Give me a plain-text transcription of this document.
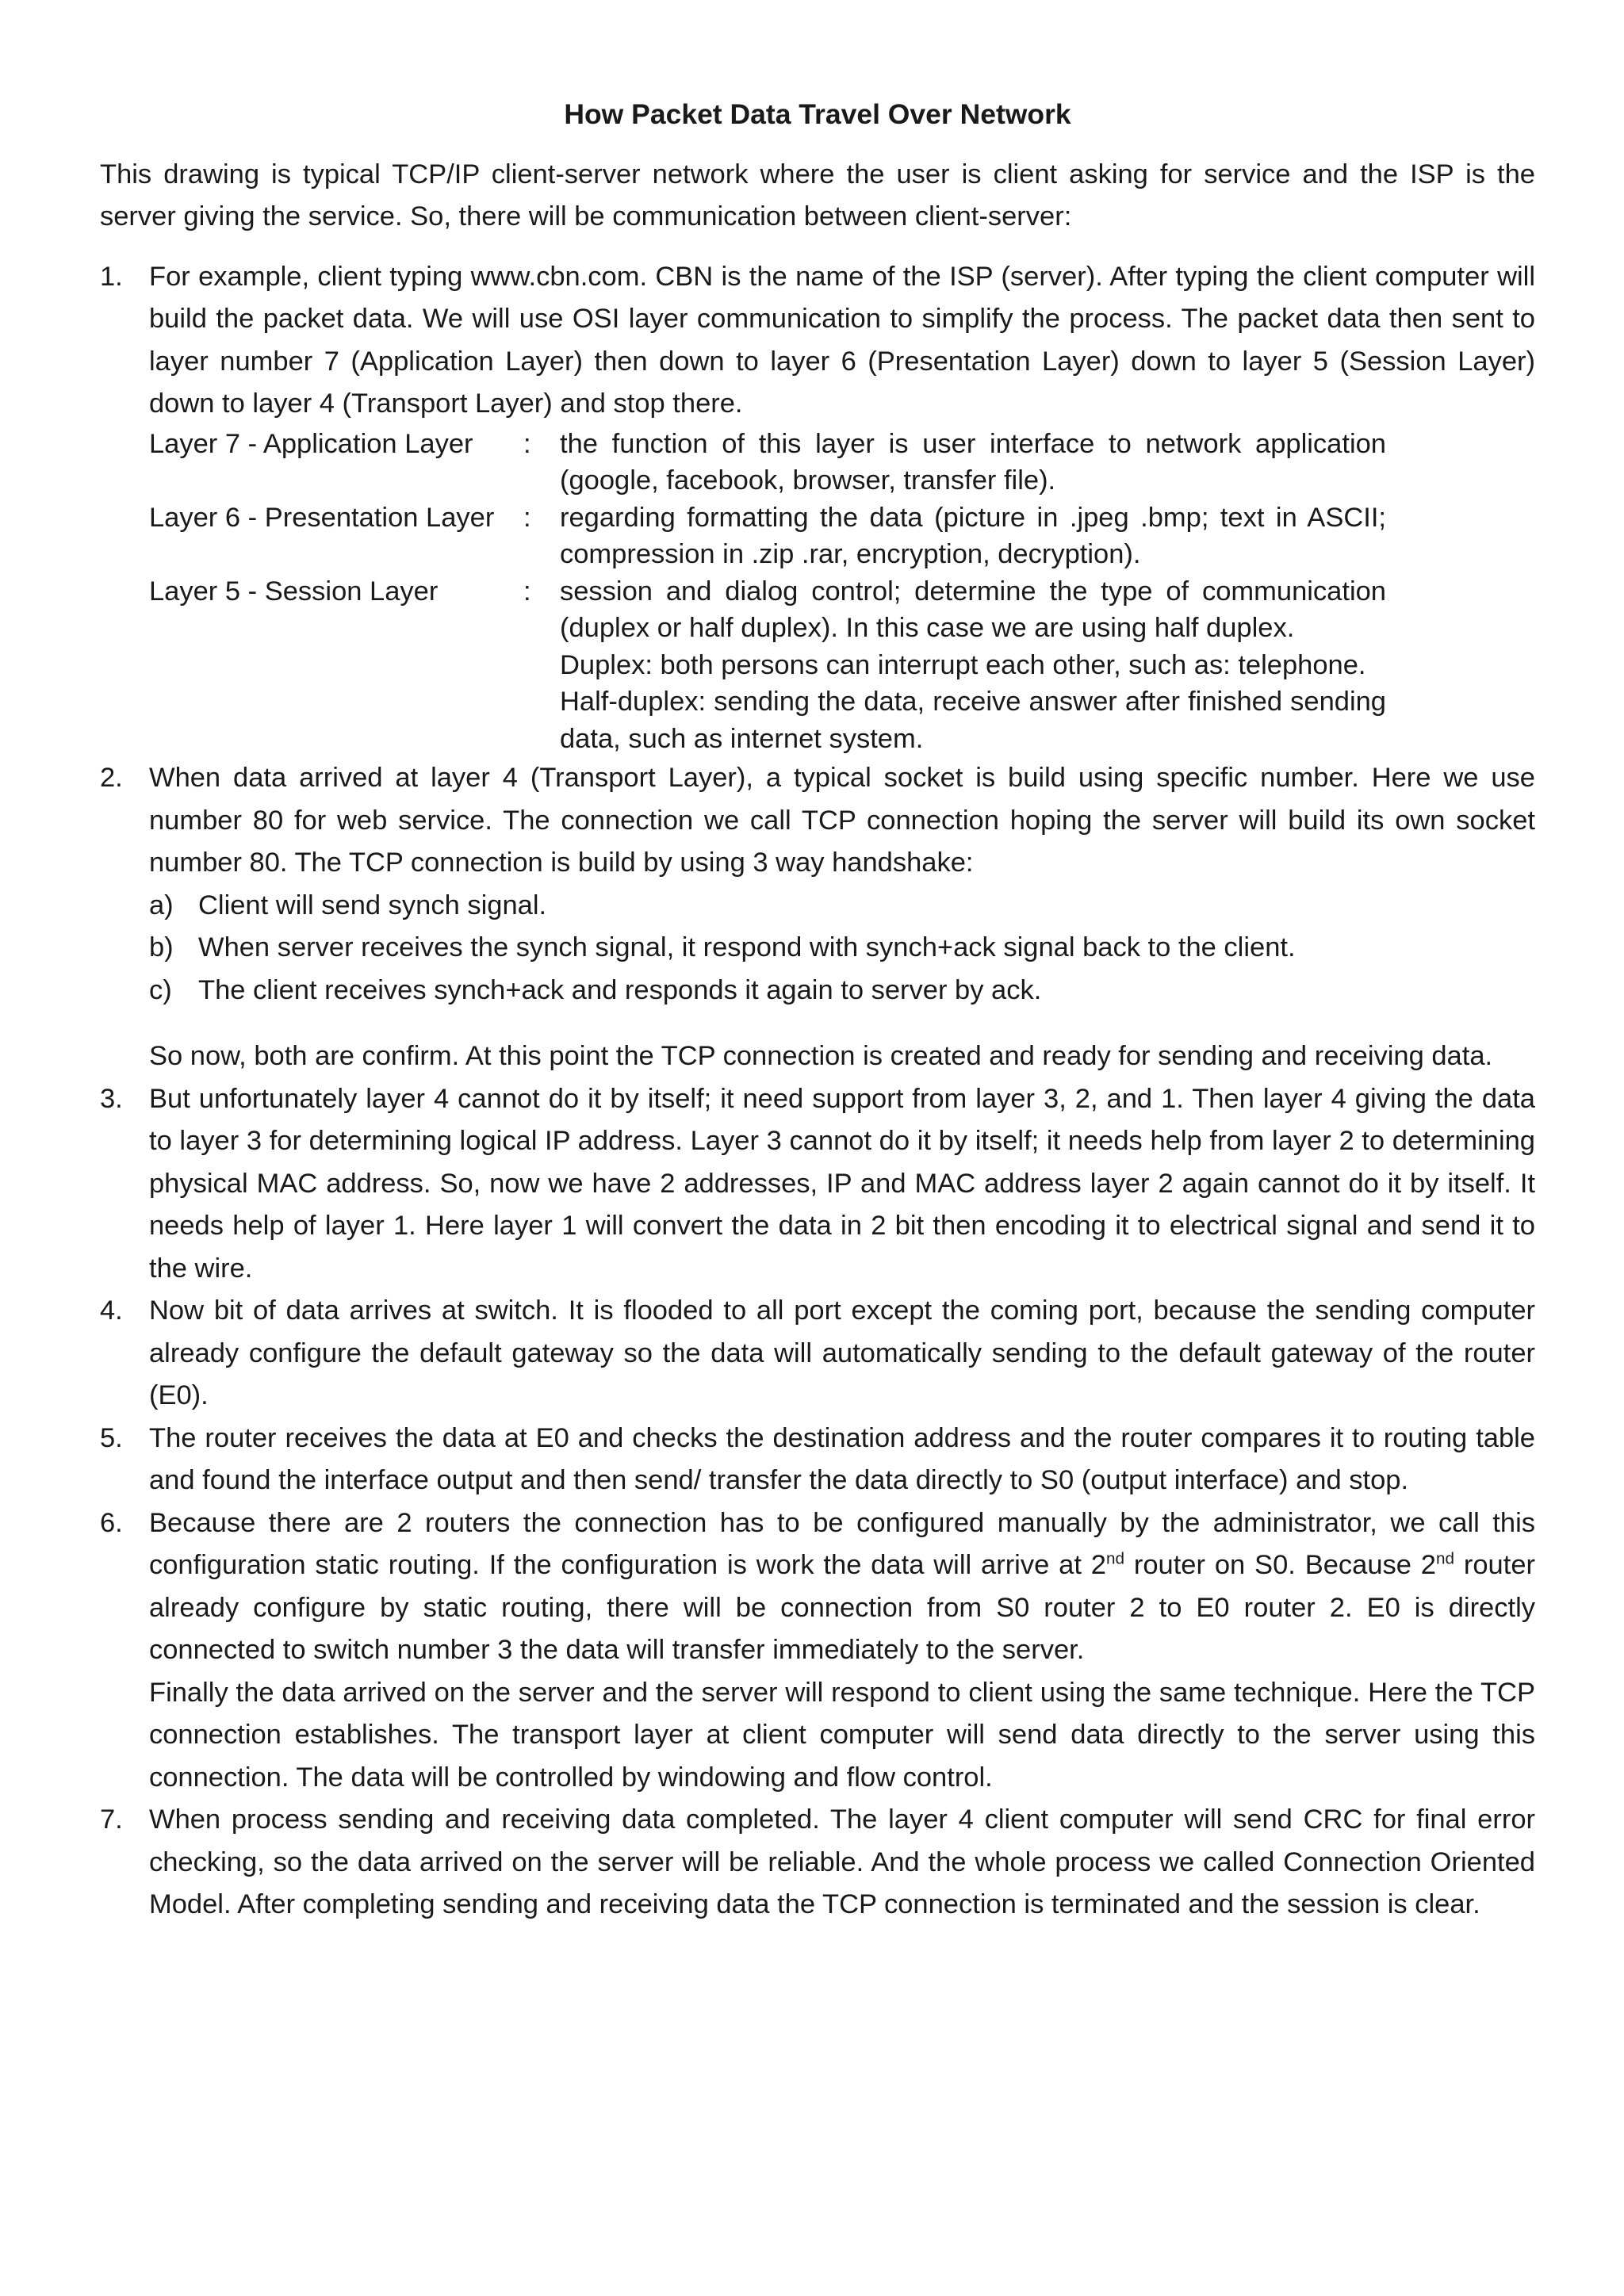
How Packet Data Travel Over Network

This drawing is typical TCP/IP client-server network where the user is client asking for service and the ISP is the server giving the service. So, there will be communication between client-server:

1. For example, client typing www.cbn.com. CBN is the name of the ISP (server). After typing the client computer will build the packet data. We will use OSI layer communication to simplify the process. The packet data then sent to layer number 7 (Application Layer) then down to layer 6 (Presentation Layer) down to layer 5 (Session Layer) down to layer 4 (Transport Layer) and stop there.

Layer 7 - Application Layer	:	the function of this layer is user interface to network application (google, facebook, browser, transfer file).
Layer 6 - Presentation Layer	:	regarding formatting the data (picture in .jpeg .bmp; text in ASCII; compression in .zip .rar, encryption, decryption).
Layer 5 - Session Layer	:	session and dialog control; determine the type of communication (duplex or half duplex). In this case we are using half duplex.
Duplex: both persons can interrupt each other, such as: telephone.
Half-duplex: sending the data, receive answer after finished sending data, such as internet system.
2. When data arrived at layer 4 (Transport Layer), a typical socket is build using specific number. Here we use number 80 for web service. The connection we call TCP connection hoping the server will build its own socket number 80. The TCP connection is build by using 3 way handshake:

a) Client will send synch signal.
b) When server receives the synch signal, it respond with synch+ack signal back to the client.
c) The client receives synch+ack and responds it again to server by ack.

So now, both are confirm. At this point the TCP connection is created and ready for sending and receiving data.

3. But unfortunately layer 4 cannot do it by itself; it need support from layer 3, 2, and 1. Then layer 4 giving the data to layer 3 for determining logical IP address. Layer 3 cannot do it by itself; it needs help from layer 2 to determining physical MAC address. So, now we have 2 addresses, IP and MAC address layer 2 again cannot do it by itself. It needs help of layer 1. Here layer 1 will convert the data in 2 bit then encoding it to electrical signal and send it to the wire.

4. Now bit of data arrives at switch. It is flooded to all port except the coming port, because the sending computer already configure the default gateway so the data will automatically sending to the default gateway of the router (E0).

5. The router receives the data at E0 and checks the destination address and the router compares it to routing table and found the interface output and then send/ transfer the data directly to S0 (output interface) and stop.

6. Because there are 2 routers the connection has to be configured manually by the administrator, we call this configuration static routing. If the configuration is work the data will arrive at 2nd router on S0. Because 2nd router already configure by static routing, there will be connection from S0 router 2 to E0 router 2. E0 is directly connected to switch number 3 the data will transfer immediately to the server.

Finally the data arrived on the server and the server will respond to client using the same technique. Here the TCP connection establishes. The transport layer at client computer will send data directly to the server using this connection. The data will be controlled by windowing and flow control.

7. When process sending and receiving data completed. The layer 4 client computer will send CRC for final error checking, so the data arrived on the server will be reliable. And the whole process we called Connection Oriented Model. After completing sending and receiving data the TCP connection is terminated and the session is clear.
